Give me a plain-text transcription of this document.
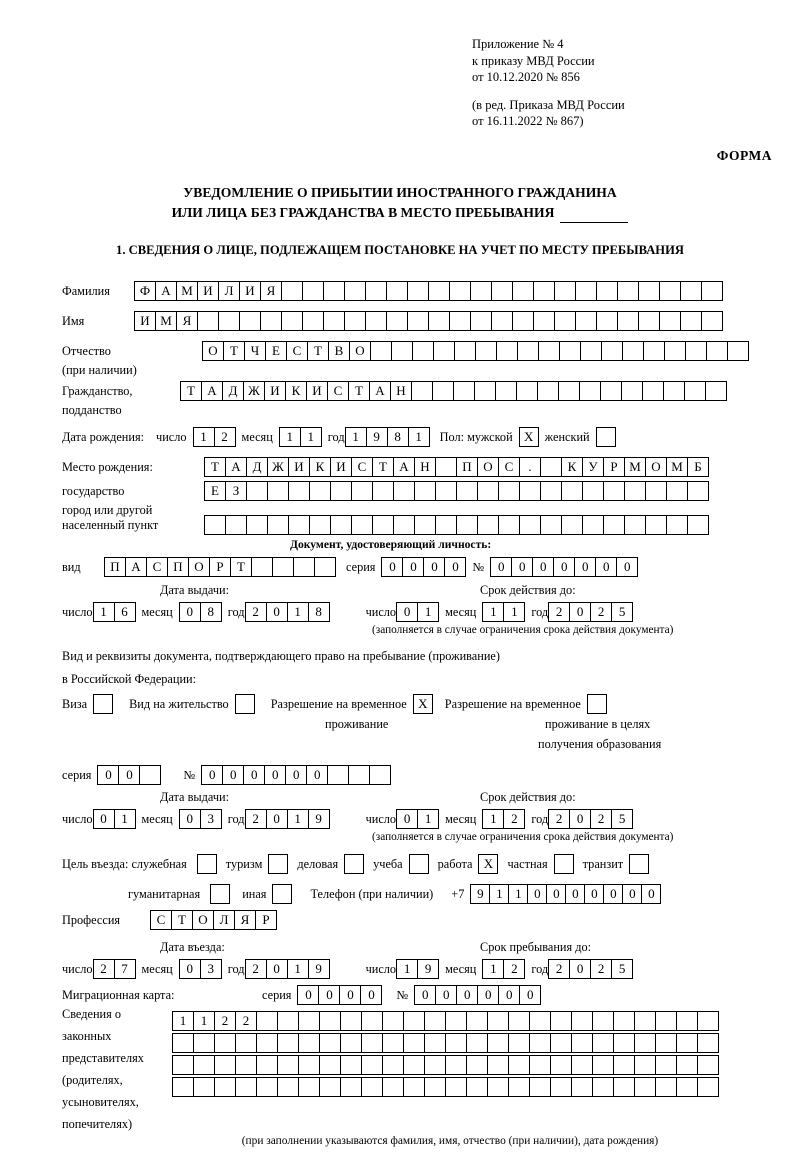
Приложение № 4
к приказу МВД России
от 10.12.2020 № 856
(в ред. Приказа МВД России
от 16.11.2022 № 867)
ФОРМА
УВЕДОМЛЕНИЕ О ПРИБЫТИИ ИНОСТРАННОГО ГРАЖДАНИНА
ИЛИ ЛИЦА БЕЗ ГРАЖДАНСТВА В МЕСТО ПРЕБЫВАНИЯ
1. СВЕДЕНИЯ О ЛИЦЕ, ПОДЛЕЖАЩЕМ ПОСТАНОВКЕ НА УЧЕТ ПО МЕСТУ ПРЕБЫВАНИЯ
Фамилия	Ф А М И Л И Я
Имя	И М Я
Отчество	О Т Ч Е С Т В О
(при наличии)
Гражданство,	Т А Д Ж И К И С Т А Н
подданство
Дата рождения: число	1	2	месяц	1	1	год 1	9	8	1	Пол: мужской Х женский
Место рождения:	Т А Д Ж И К И С Т А Н	П О С	.	К У Р М О М Б
государство	Е	З
город или другой
населенный пункт
Документ, удостоверяющий личность:
вид	П А С П О Р	Т	серия	0	0	0	0	№	0	0	0	0	0	0	0
Дата выдачи:	Срок действия до:
число 1	6	месяц	0	8	год 2	0	1	8	число 0	1	месяц	1	1	год 2	0	2	5
(заполняется в случае ограничения срока действия документа)
Вид и реквизиты документа, подтверждающего право на пребывание (проживание)
в Российской Федерации:
Виза	Вид на жительство	Разрешение на временное Х	Разрешение на временное
проживание	проживание в целях
получения образования
серия	0	0	№	0	0	0	0	0	0
Дата выдачи:	Срок действия до:
число 0	1	месяц	0	3	год 2	0	1	9	число 0	1	месяц	1	2	год 2	0	2	5
(заполняется в случае ограничения срока действия документа)
Цель въезда: служебная	туризм	деловая	учеба	работа Х	частная	транзит
гуманитарная	иная	Телефон (при наличии) +7 9 1 1 0 0 0 0 0 0 0
Профессия	С Т О Л Я	Р
Дата въезда:	Срок пребывания до:
число 2	7	месяц	0	3	год 2	0	1	9	число 1	9	месяц	1	2	год 2	0	2	5
Миграционная карта:	серия	0	0	0	0	№	0	0	0	0	0	0
Сведения о	1	1	2	2
законных
представителях
(родителях,
усыновителях,
попечителях)
(при заполнении указываются фамилия, имя, отчество (при наличии), дата рождения)
